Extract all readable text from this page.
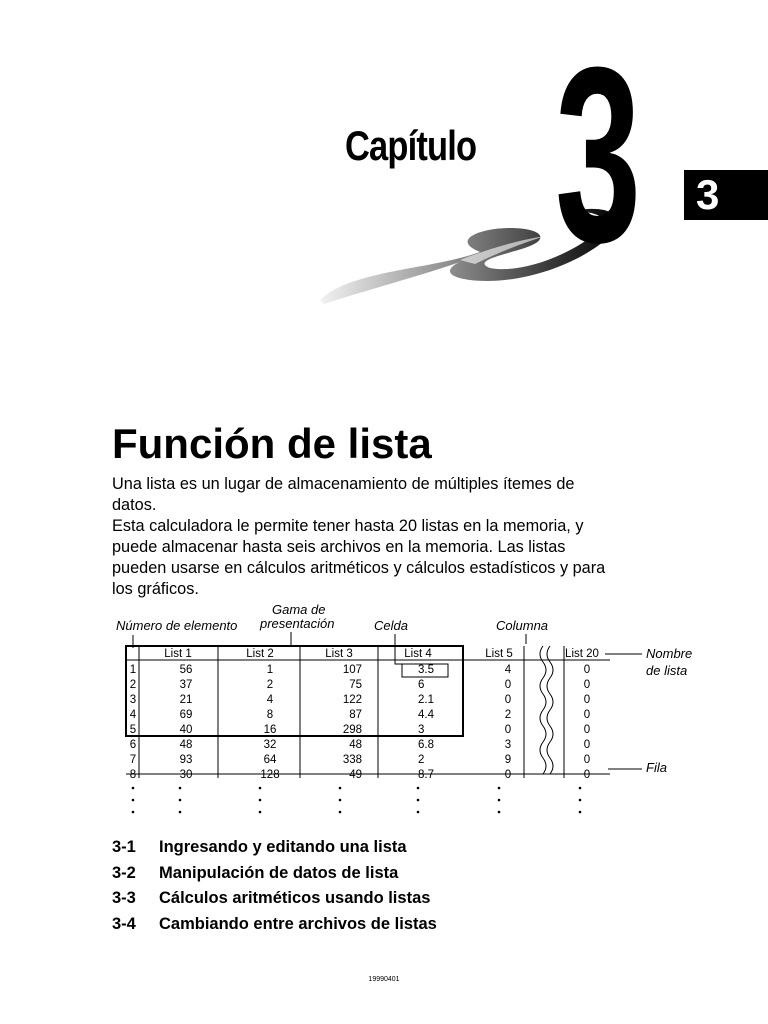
Capítulo 3 3
Función de lista
Una lista es un lugar de almacenamiento de múltiples ítemes de
datos.
Esta calculadora le permite tener hasta 20 listas en la memoria, y
puede almacenar hasta seis archivos en la memoria. Las listas
pueden usarse en cálculos aritméticos y cálculos estadísticos y para
los gráficos.
Número de elemento
Gama de
presentación	Celda	Columna
Nombre
de lista
Fila
List 1	List 2	List 3	List 4	List 5	List 20
1	56	1	107	3.5	4	0
2	37	2	75	6	0	0
3	21	4	122	2.1	0	0
4	69	8	87	4.4	2	0
5	40	16	298	3	0	0
6	48	32	48	6.8	3	0
7	93	64	338	2	9	0
8	30	128	49	8.7	0	0
3-1	Ingresando y editando una lista
3-2	Manipulación de datos de lista
3-3	Cálculos aritméticos usando listas
3-4	Cambiando entre archivos de listas
19990401
